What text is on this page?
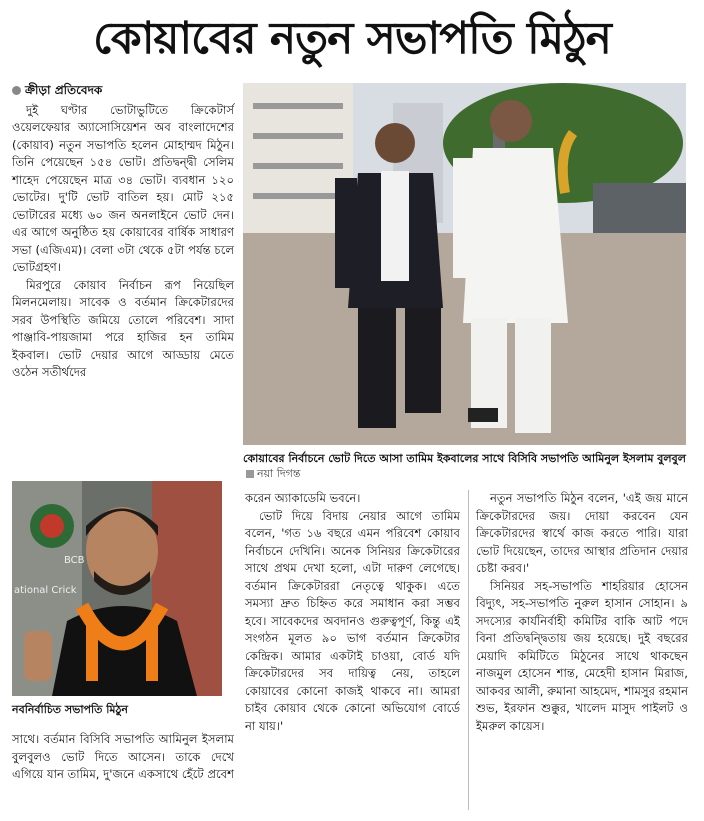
কোয়াবের নতুন সভাপতি মিঠুন
ক্রীড়া প্রতিবেদক

দুই ঘণ্টার ভোটাভুটিতে ক্রিকেটার্স ওয়েলফেয়ার অ্যাসোসিয়েশন অব বাংলাদেশের (কোয়াব) নতুন সভাপতি হলেন মোহাম্মদ মিঠুন। তিনি পেয়েছেন ১৫৪ ভোট। প্রতিদ্বন্দ্বী সেলিম শাহেদ পেয়েছেন মাত্র ৩৪ ভোট। ব্যবধান ১২০ ভোটের। দু'টি ভোট বাতিল হয়। মোট ২১৫ ভোটারের মধ্যে ৬০ জন অনলাইনে ভোট দেন। এর আগে অনুষ্ঠিত হয় কোয়াবের বার্ষিক সাধারণ সভা (এজিএম)। বেলা ৩টা থেকে ৫টা পর্যন্ত চলে ভোটগ্রহণ।

মিরপুরে কোয়াব নির্বাচন রূপ নিয়েছিল মিলনমেলায়। সাবেক ও বর্তমান ক্রিকেটারদের সরব উপস্থিতি জমিয়ে তোলে পরিবেশ। সাদা পাঞ্জাবি-পায়জামা পরে হাজির হন তামিম ইকবাল। ভোট দেয়ার আগে আড্ডায় মেতে ওঠেন সতীর্থদের

BCB
ational Crick
নবনির্বাচিত সভাপতি মিঠুন

সাথে। বর্তমান বিসিবি সভাপতি আমিনুল ইসলাম বুলবুলও ভোট দিতে আসেন। তাকে দেখে এগিয়ে যান তামিম, দু'জনে একসাথে হেঁটে প্রবেশ

কোয়াবের নির্বাচনে ভোট দিতে আসা তামিম ইকবালের সাথে বিসিবি সভাপতি আমিনুল ইসলাম বুলবুলনয়া দিগন্ত

করেন অ্যাকাডেমি ভবনে।

ভোট দিয়ে বিদায় নেয়ার আগে তামিম বলেন, 'গত ১৬ বছরে এমন পরিবেশ কোয়াব নির্বাচনে দেখিনি। অনেক সিনিয়র ক্রিকেটারের সাথে প্রথম দেখা হলো, এটা দারুণ লেগেছে। বর্তমান ক্রিকেটাররা নেতৃত্বে থাকুক। এতে সমস্যা দ্রুত চিহ্নিত করে সমাধান করা সম্ভব হবে। সাবেকদের অবদানও গুরুত্বপূর্ণ, কিন্তু এই সংগঠন মূলত ৯০ ভাগ বর্তমান ক্রিকেটার কেন্দ্রিক। আমার একটাই চাওয়া, বোর্ড যদি ক্রিকেটারদের সব দায়িত্ব নেয়, তাহলে কোয়াবের কোনো কাজই থাকবে না। আমরা চাইব কোয়াব থেকে কোনো অভিযোগ বোর্ডে না যায়।'

নতুন সভাপতি মিঠুন বলেন, 'এই জয় মানে ক্রিকেটারদের জয়। দোয়া করবেন যেন ক্রিকেটারদের স্বার্থে কাজ করতে পারি। যারা ভোট দিয়েছেন, তাদের আস্থার প্রতিদান দেয়ার চেষ্টা করব।'

সিনিয়র সহ-সভাপতি শাহরিয়ার হোসেন বিদ্যুৎ, সহ-সভাপতি নুরুল হাসান সোহান। ৯ সদস্যের কার্যনির্বাহী কমিটির বাকি আট পদে বিনা প্রতিদ্বন্দ্বিতায় জয় হয়েছে। দুই বছরের মেয়াদি কমিটিতে মিঠুনের সাথে থাকছেন নাজমুল হোসেন শান্ত, মেহেদী হাসান মিরাজ, আকবর আলী, রুমানা আহমেদ, শামসুর রহমান শুভ, ইরফান শুক্কুর, খালেদ মাসুদ পাইলট ও ইমরুল কায়েস।
